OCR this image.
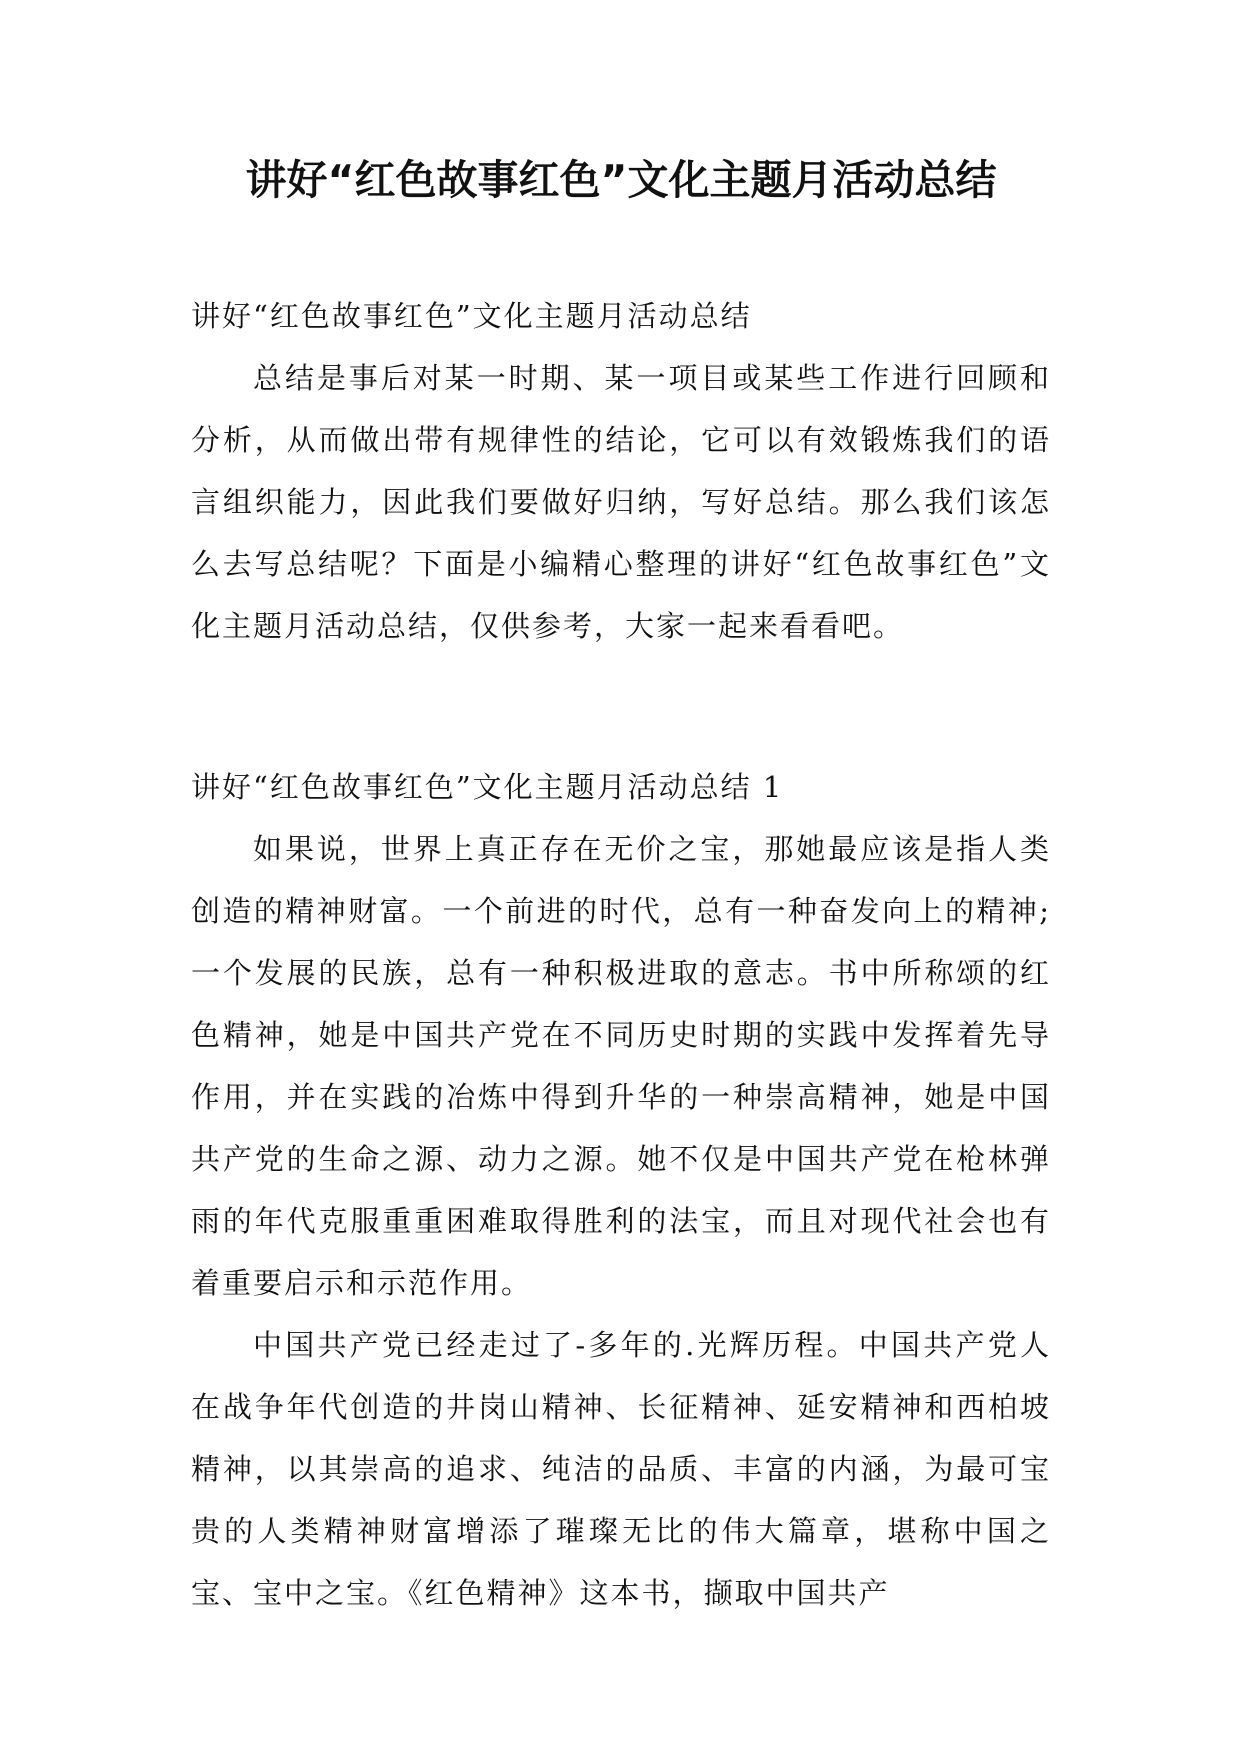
讲好“红色故事红色”文化主题月活动总结

讲好“红色故事红色”文化主题月活动总结

总结是事后对某一时期、某一项目或某些工作进行回顾和分析，从而做出带有规律性的结论，它可以有效锻炼我们的语言组织能力，因此我们要做好归纳，写好总结。那么我们该怎么去写总结呢？下面是小编精心整理的讲好“红色故事红色”文化主题月活动总结，仅供参考，大家一起来看看吧。

讲好“红色故事红色”文化主题月活动总结 1

如果说，世界上真正存在无价之宝，那她最应该是指人类创造的精神财富。一个前进的时代，总有一种奋发向上的精神;一个发展的民族，总有一种积极进取的意志。书中所称颂的红色精神，她是中国共产党在不同历史时期的实践中发挥着先导作用，并在实践的冶炼中得到升华的一种崇高精神，她是中国共产党的生命之源、动力之源。她不仅是中国共产党在枪林弹雨的年代克服重重困难取得胜利的法宝，而且对现代社会也有着重要启示和示范作用。

中国共产党已经走过了-多年的.光辉历程。中国共产党人在战争年代创造的井岗山精神、长征精神、延安精神和西柏坡精神，以其崇高的追求、纯洁的品质、丰富的内涵，为最可宝贵的人类精神财富增添了璀璨无比的伟大篇章，堪称中国之宝、宝中之宝。《红色精神》这本书，撷取中国共产
